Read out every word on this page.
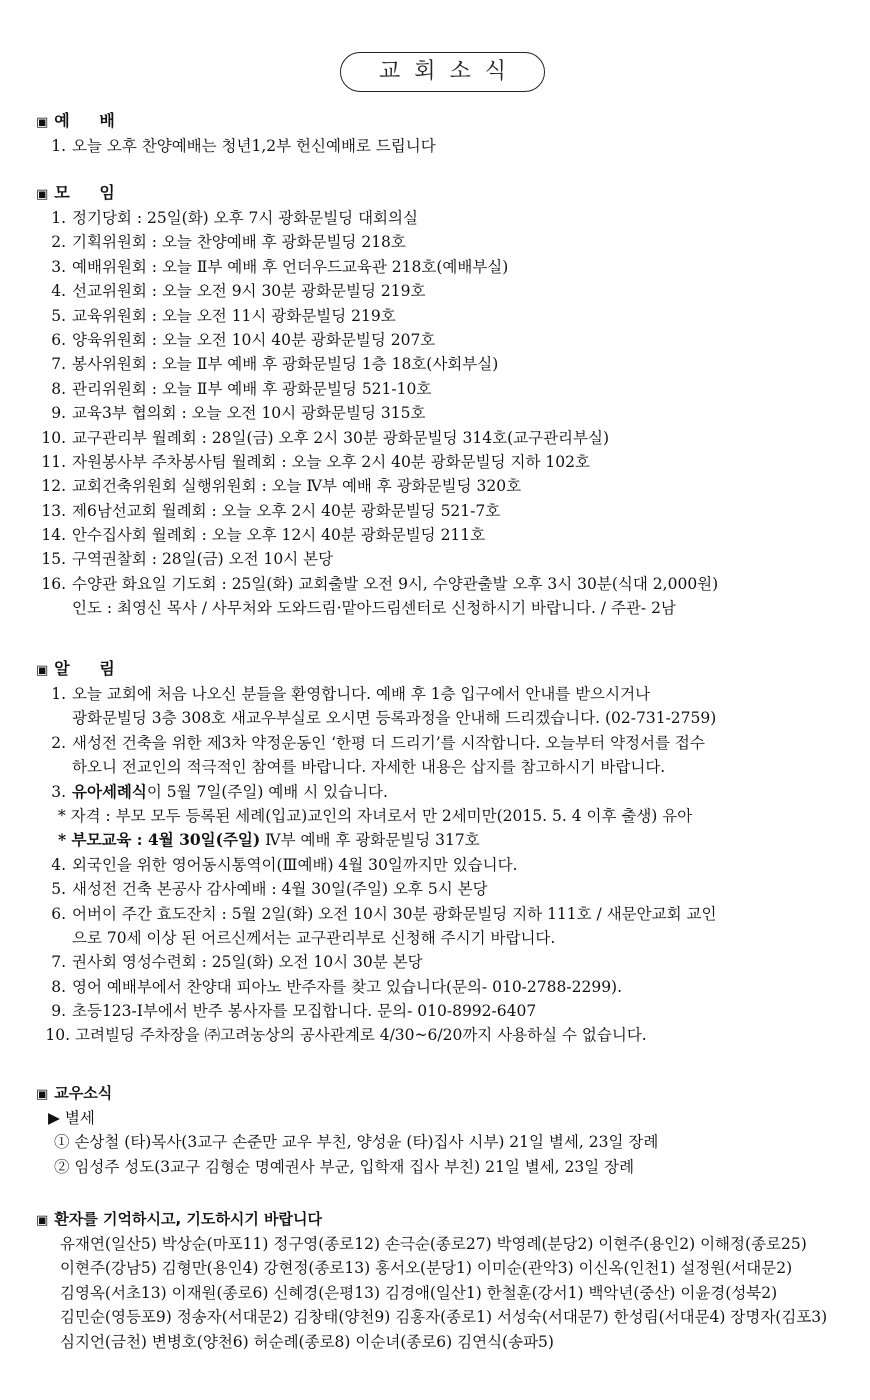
교회소식
▣ 예 배
1. 오늘 오후 찬양예배는 청년1,2부 헌신예배로 드립니다
▣ 모 임
1. 정기당회 : 25일(화) 오후 7시 광화문빌딩 대회의실
2. 기획위원회 : 오늘 찬양예배 후 광화문빌딩 218호
3. 예배위원회 : 오늘 Ⅱ부 예배 후 언더우드교육관 218호(예배부실)
4. 선교위원회 : 오늘 오전 9시 30분 광화문빌딩 219호
5. 교육위원회 : 오늘 오전 11시 광화문빌딩 219호
6. 양육위원회 : 오늘 오전 10시 40분 광화문빌딩 207호
7. 봉사위원회 : 오늘 Ⅱ부 예배 후 광화문빌딩 1층 18호(사회부실)
8. 관리위원회 : 오늘 Ⅱ부 예배 후 광화문빌딩 521-10호
9. 교육3부 협의회 : 오늘 오전 10시 광화문빌딩 315호
10. 교구관리부 월례회 : 28일(금) 오후 2시 30분 광화문빌딩 314호(교구관리부실)
11. 자원봉사부 주차봉사팀 월례회 : 오늘 오후 2시 40분 광화문빌딩 지하 102호
12. 교회건축위원회 실행위원회 : 오늘 Ⅳ부 예배 후 광화문빌딩 320호
13. 제6남선교회 월례회 : 오늘 오후 2시 40분 광화문빌딩 521-7호
14. 안수집사회 월례회 : 오늘 오후 12시 40분 광화문빌딩 211호
15. 구역권찰회 : 28일(금) 오전 10시 본당
16. 수양관 화요일 기도회 : 25일(화) 교회출발 오전 9시, 수양관출발 오후 3시 30분(식대 2,000원)
인도 : 최영신 목사 / 사무처와 도와드림·맡아드림센터로 신청하시기 바랍니다. / 주관- 2남
▣ 알 림
1. 오늘 교회에 처음 나오신 분들을 환영합니다. 예배 후 1층 입구에서 안내를 받으시거나
광화문빌딩 3층 308호 새교우부실로 오시면 등록과정을 안내해 드리겠습니다. (02-731-2759)
2. 새성전 건축을 위한 제3차 약정운동인 ‘한평 더 드리기’를 시작합니다. 오늘부터 약정서를 접수
하오니 전교인의 적극적인 참여를 바랍니다. 자세한 내용은 삽지를 참고하시기 바랍니다.
3. 유아세례식이 5월 7일(주일) 예배 시 있습니다.
* 자격 : 부모 모두 등록된 세례(입교)교인의 자녀로서 만 2세미만(2015. 5. 4 이후 출생) 유아
* 부모교육 : 4월 30일(주일) Ⅳ부 예배 후 광화문빌딩 317호
4. 외국인을 위한 영어동시통역이(Ⅲ예배) 4월 30일까지만 있습니다.
5. 새성전 건축 본공사 감사예배 : 4월 30일(주일) 오후 5시 본당
6. 어버이 주간 효도잔치 : 5월 2일(화) 오전 10시 30분 광화문빌딩 지하 111호 / 새문안교회 교인
으로 70세 이상 된 어르신께서는 교구관리부로 신청해 주시기 바랍니다.
7. 권사회 영성수련회 : 25일(화) 오전 10시 30분 본당
8. 영어 예배부에서 찬양대 피아노 반주자를 찾고 있습니다(문의- 010-2788-2299).
9. 초등123-Ⅰ부에서 반주 봉사자를 모집합니다. 문의- 010-8992-6407
10. 고려빌딩 주차장을 ㈜고려농상의 공사관계로 4/30~6/20까지 사용하실 수 없습니다.
▣ 교우소식
▶ 별세
① 손상철 (타)목사(3교구 손준만 교우 부친, 양성윤 (타)집사 시부) 21일 별세, 23일 장례
② 임성주 성도(3교구 김형순 명예권사 부군, 입학재 집사 부친) 21일 별세, 23일 장례
▣ 환자를 기억하시고, 기도하시기 바랍니다
유재연(일산5) 박상순(마포11) 정구영(종로12) 손극순(종로27) 박영례(분당2) 이현주(용인2) 이해정(종로25)
이현주(강남5) 김형만(용인4) 강현정(종로13) 홍서오(분당1) 이미순(관악3) 이신옥(인천1) 설정원(서대문2)
김영옥(서초13) 이재원(종로6) 신혜경(은평13) 김경애(일산1) 한철훈(강서1) 백악년(중산) 이윤경(성북2)
김민순(영등포9) 정송자(서대문2) 김창태(양천9) 김홍자(종로1) 서성숙(서대문7) 한성림(서대문4) 장명자(김포3)
심지언(금천) 변병호(양천6) 허순례(종로8) 이순녀(종로6) 김연식(송파5)
